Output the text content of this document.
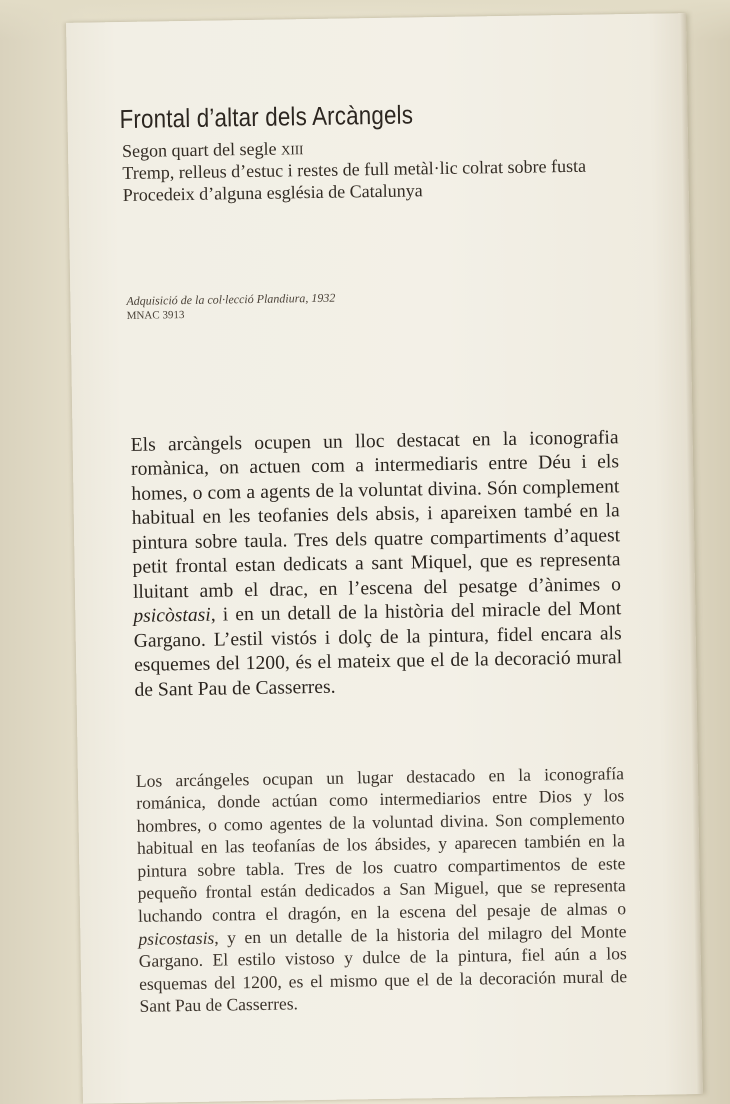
Frontal d’altar dels Arcàngels
Segon quart del segle xiii
Tremp, relleus d’estuc i restes de full metàl·lic colrat sobre fusta
Procedeix d’alguna església de Catalunya
Adquisició de la col·lecció Plandiura, 1932
MNAC 3913

Els arcàngels ocupen un lloc destacat en la iconografia romànica, on actuen com a intermediaris entre Déu i els homes, o com a agents de la voluntat divina. Són complement habitual en les teofanies dels absis, i apareixen també en la pintura sobre taula. Tres dels quatre compartiments d’aquest petit frontal estan dedicats a sant Miquel, que es representa lluitant amb el drac, en l’escena del pesatge d’ànimes o psicòstasi, i en un detall de la història del miracle del Mont Gargano. L’estil vistós i dolç de la pintura, fidel encara als esquemes del 1200, és el mateix que el de la decoració mural de Sant Pau de Casserres.

Los arcángeles ocupan un lugar destacado en la iconografía románica, donde actúan como intermediarios entre Dios y los hombres, o como agentes de la voluntad divina. Son complemento habitual en las teofanías de los ábsides, y aparecen también en la pintura sobre tabla. Tres de los cuatro compartimentos de este pequeño frontal están dedicados a San Miguel, que se representa luchando contra el dragón, en la escena del pesaje de almas o psicostasis, y en un detalle de la historia del milagro del Monte Gargano. El estilo vistoso y dulce de la pintura, fiel aún a los esquemas del 1200, es el mismo que el de la decoración mural de Sant Pau de Casserres.
